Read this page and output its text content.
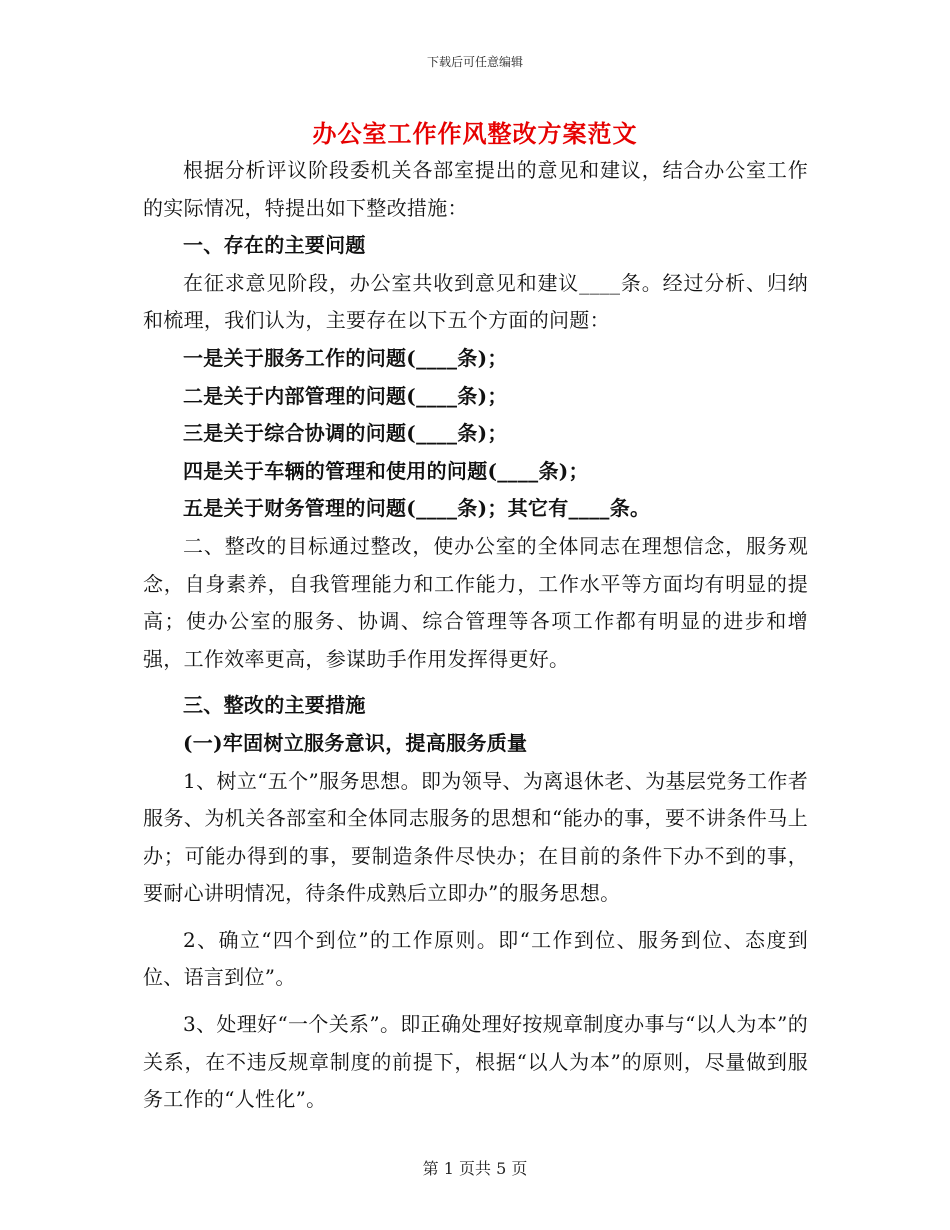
下载后可任意编辑
办公室工作作风整改方案范文

根据分析评议阶段委机关各部室提出的意见和建议，结合办公室工作的实际情况，特提出如下整改措施：

一、存在的主要问题

在征求意见阶段，办公室共收到意见和建议____条。经过分析、归纳和梳理，我们认为，主要存在以下五个方面的问题：

一是关于服务工作的问题(____条)；

二是关于内部管理的问题(____条)；

三是关于综合协调的问题(____条)；

四是关于车辆的管理和使用的问题(____条)；

五是关于财务管理的问题(____条)；其它有____条。

二、整改的目标通过整改，使办公室的全体同志在理想信念，服务观念，自身素养，自我管理能力和工作能力，工作水平等方面均有明显的提高；使办公室的服务、协调、综合管理等各项工作都有明显的进步和增强，工作效率更高，参谋助手作用发挥得更好。

三、整改的主要措施

(一)牢固树立服务意识，提高服务质量

1、树立“五个”服务思想。即为领导、为离退休老、为基层党务工作者服务、为机关各部室和全体同志服务的思想和“能办的事，要不讲条件马上办；可能办得到的事，要制造条件尽快办；在目前的条件下办不到的事，要耐心讲明情况，待条件成熟后立即办”的服务思想。

2、确立“四个到位”的工作原则。即“工作到位、服务到位、态度到位、语言到位”。

3、处理好“一个关系”。即正确处理好按规章制度办事与“以人为本”的关系，在不违反规章制度的前提下，根据“以人为本”的原则，尽量做到服务工作的“人性化”。

第 1 页共 5 页
